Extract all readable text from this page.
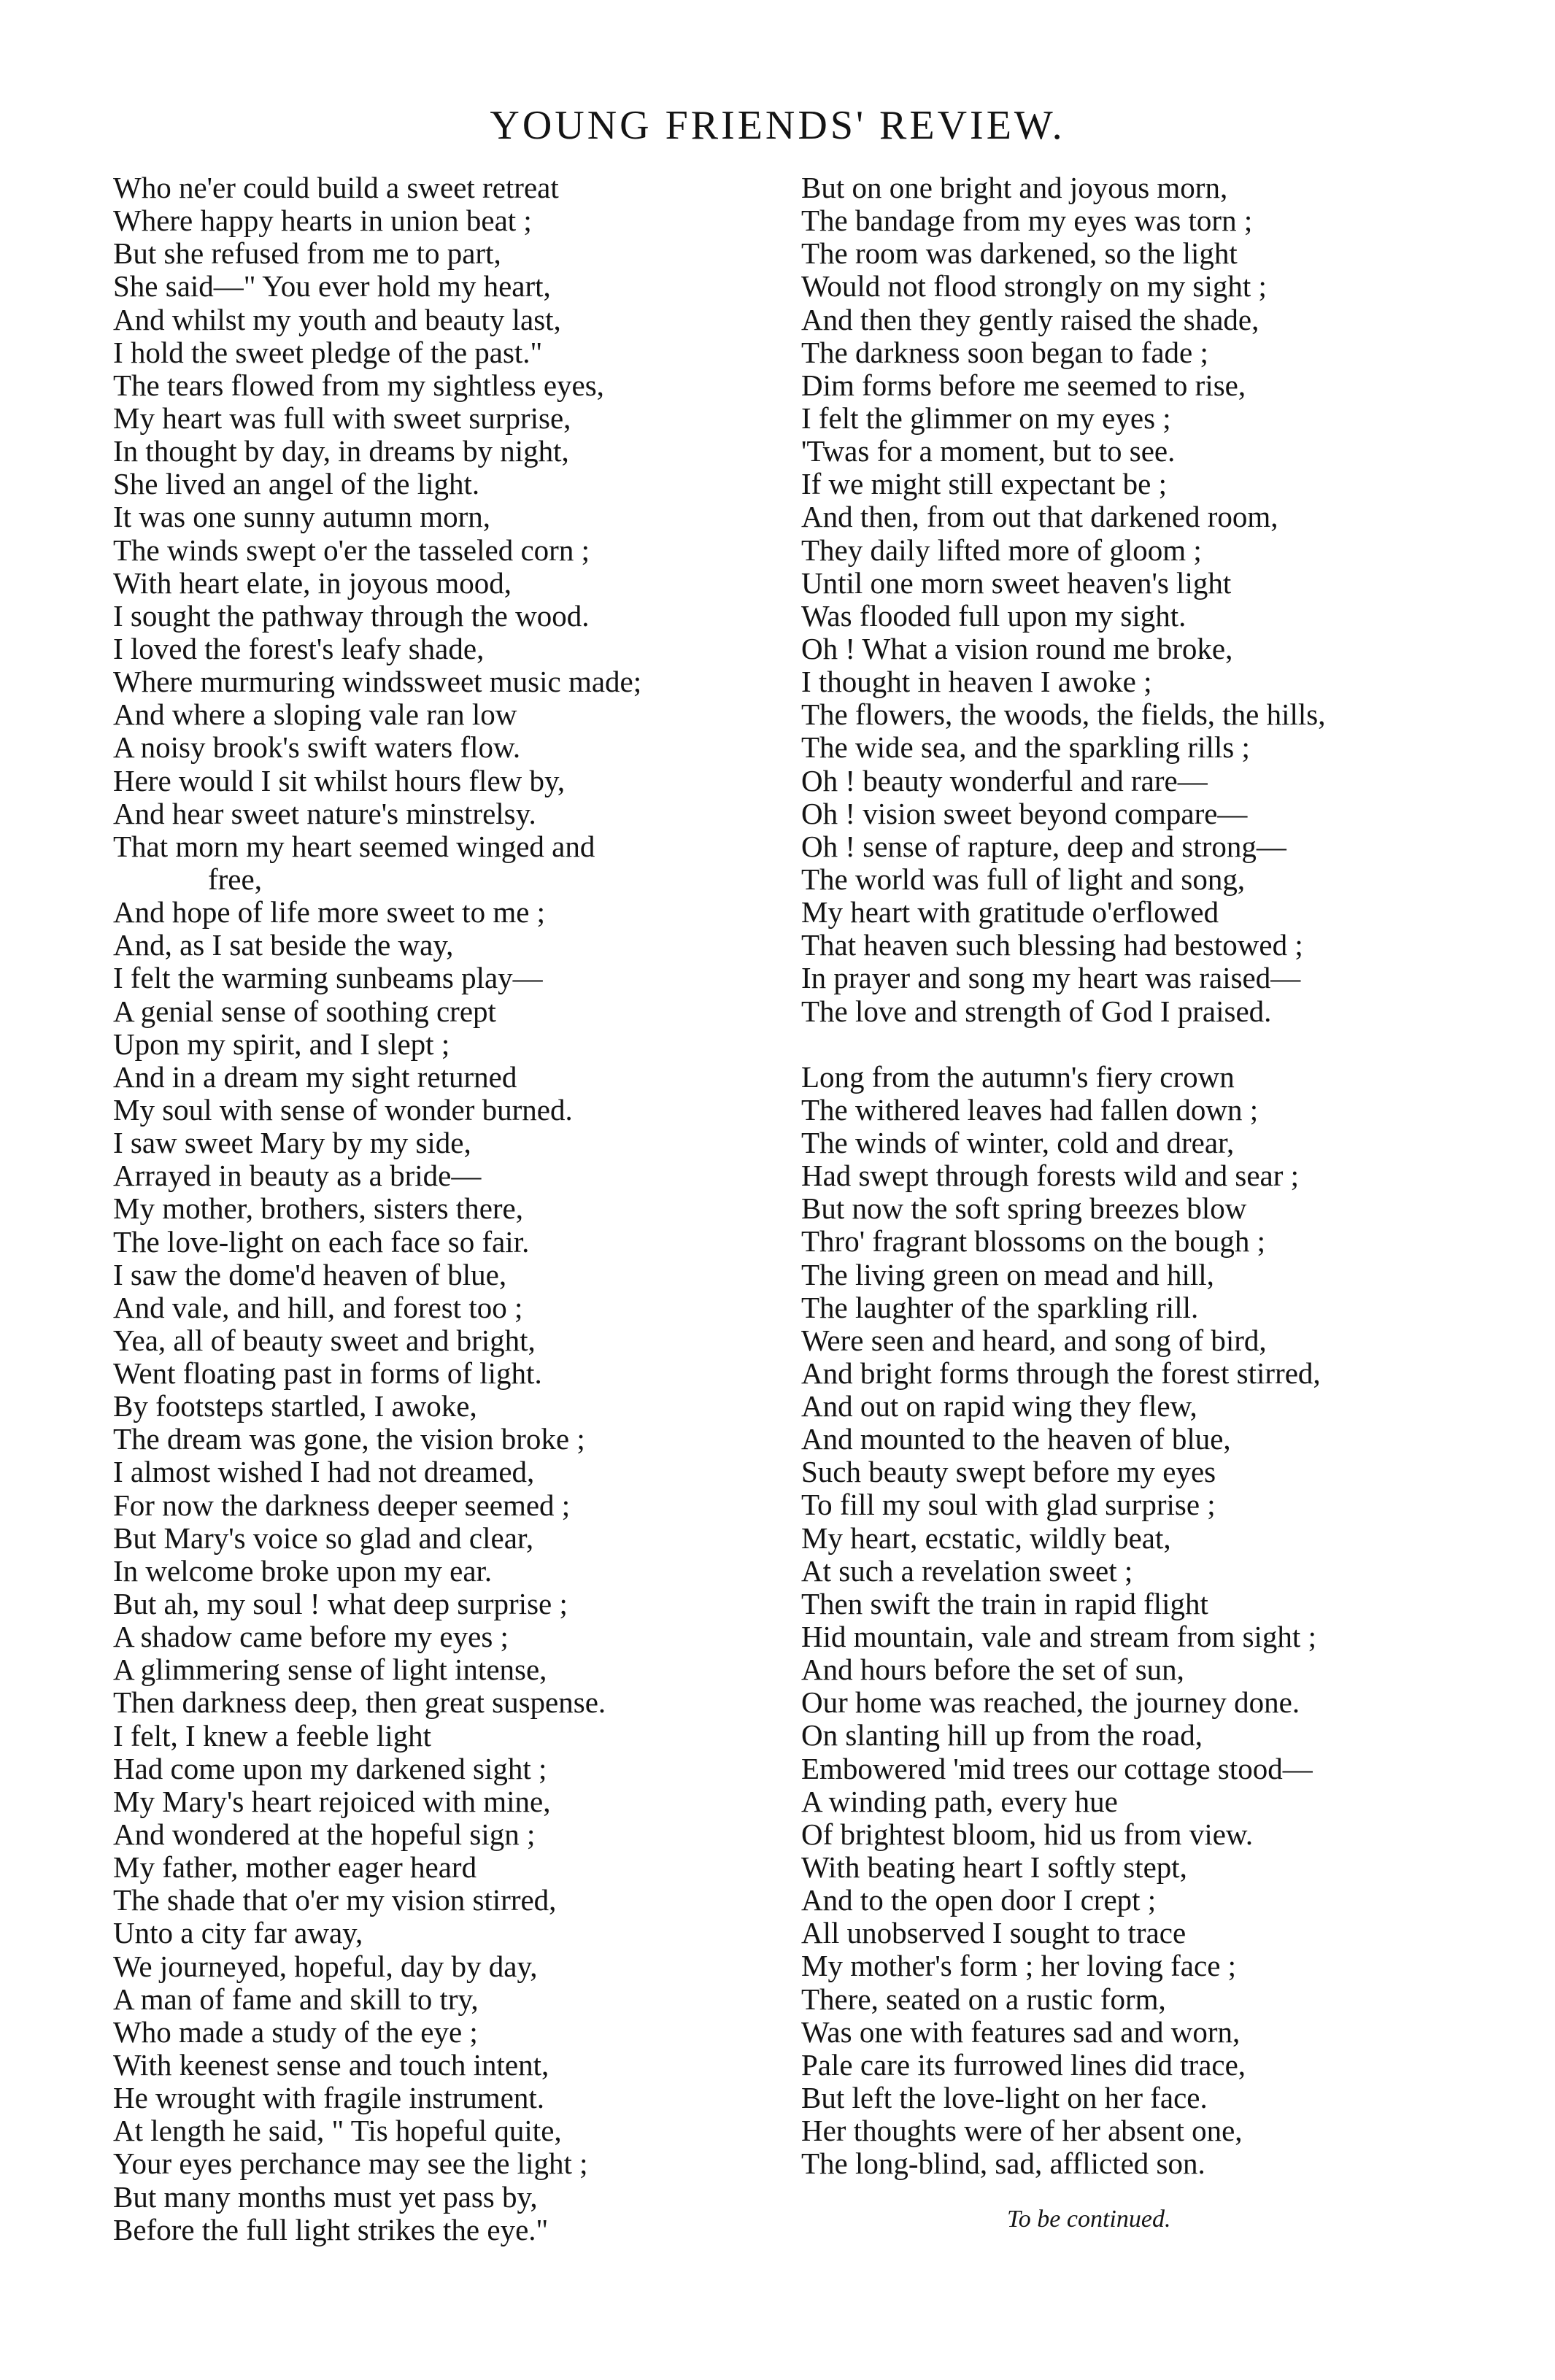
YOUNG FRIENDS' REVIEW.
Who ne'er could build a sweet retreat
Where happy hearts in union beat ;
But she refused from me to part,
She said—" You ever hold my heart,
And whilst my youth and beauty last,
I hold the sweet pledge of the past."
The tears flowed from my sightless eyes,
My heart was full with sweet surprise,
In thought by day, in dreams by night,
She lived an angel of the light.
It was one sunny autumn morn,
The winds swept o'er the tasseled corn ;
With heart elate, in joyous mood,
I sought the pathway through the wood.
I loved the forest's leafy shade,
Where murmuring windssweet music made;
And where a sloping vale ran low
A noisy brook's swift waters flow.
Here would I sit whilst hours flew by,
And hear sweet nature's minstrelsy.
That morn my heart seemed winged and
free,
And hope of life more sweet to me ;
And, as I sat beside the way,
I felt the warming sunbeams play—
A genial sense of soothing crept
Upon my spirit, and I slept ;
And in a dream my sight returned
My soul with sense of wonder burned.
I saw sweet Mary by my side,
Arrayed in beauty as a bride—
My mother, brothers, sisters there,
The love-light on each face so fair.
I saw the dome'd heaven of blue,
And vale, and hill, and forest too ;
Yea, all of beauty sweet and bright,
Went floating past in forms of light.
By footsteps startled, I awoke,
The dream was gone, the vision broke ;
I almost wished I had not dreamed,
For now the darkness deeper seemed ;
But Mary's voice so glad and clear,
In welcome broke upon my ear.
But ah, my soul ! what deep surprise ;
A shadow came before my eyes ;
A glimmering sense of light intense,
Then darkness deep, then great suspense.
I felt, I knew a feeble light
Had come upon my darkened sight ;
My Mary's heart rejoiced with mine,
And wondered at the hopeful sign ;
My father, mother eager heard
The shade that o'er my vision stirred,
Unto a city far away,
We journeyed, hopeful, day by day,
A man of fame and skill to try,
Who made a study of the eye ;
With keenest sense and touch intent,
He wrought with fragile instrument.
At length he said, " Tis hopeful quite,
Your eyes perchance may see the light ;
But many months must yet pass by,
Before the full light strikes the eye."
But on one bright and joyous morn,
The bandage from my eyes was torn ;
The room was darkened, so the light
Would not flood strongly on my sight ;
And then they gently raised the shade,
The darkness soon began to fade ;
Dim forms before me seemed to rise,
I felt the glimmer on my eyes ;
'Twas for a moment, but to see.
If we might still expectant be ;
And then, from out that darkened room,
They daily lifted more of gloom ;
Until one morn sweet heaven's light
Was flooded full upon my sight.
Oh ! What a vision round me broke,
I thought in heaven I awoke ;
The flowers, the woods, the fields, the hills,
The wide sea, and the sparkling rills ;
Oh ! beauty wonderful and rare—
Oh ! vision sweet beyond compare—
Oh ! sense of rapture, deep and strong—
The world was full of light and song,
My heart with gratitude o'erflowed
That heaven such blessing had bestowed ;
In prayer and song my heart was raised—
The love and strength of God I praised.
Long from the autumn's fiery crown
The withered leaves had fallen down ;
The winds of winter, cold and drear,
Had swept through forests wild and sear ;
But now the soft spring breezes blow
Thro' fragrant blossoms on the bough ;
The living green on mead and hill,
The laughter of the sparkling rill.
Were seen and heard, and song of bird,
And bright forms through the forest stirred,
And out on rapid wing they flew,
And mounted to the heaven of blue,
Such beauty swept before my eyes
To fill my soul with glad surprise ;
My heart, ecstatic, wildly beat,
At such a revelation sweet ;
Then swift the train in rapid flight
Hid mountain, vale and stream from sight ;
And hours before the set of sun,
Our home was reached, the journey done.
On slanting hill up from the road,
Embowered 'mid trees our cottage stood—
A winding path, every hue
Of brightest bloom, hid us from view.
With beating heart I softly stept,
And to the open door I crept ;
All unobserved I sought to trace
My mother's form ; her loving face ;
There, seated on a rustic form,
Was one with features sad and worn,
Pale care its furrowed lines did trace,
But left the love-light on her face.
Her thoughts were of her absent one,
The long-blind, sad, afflicted son.
To be continued.
